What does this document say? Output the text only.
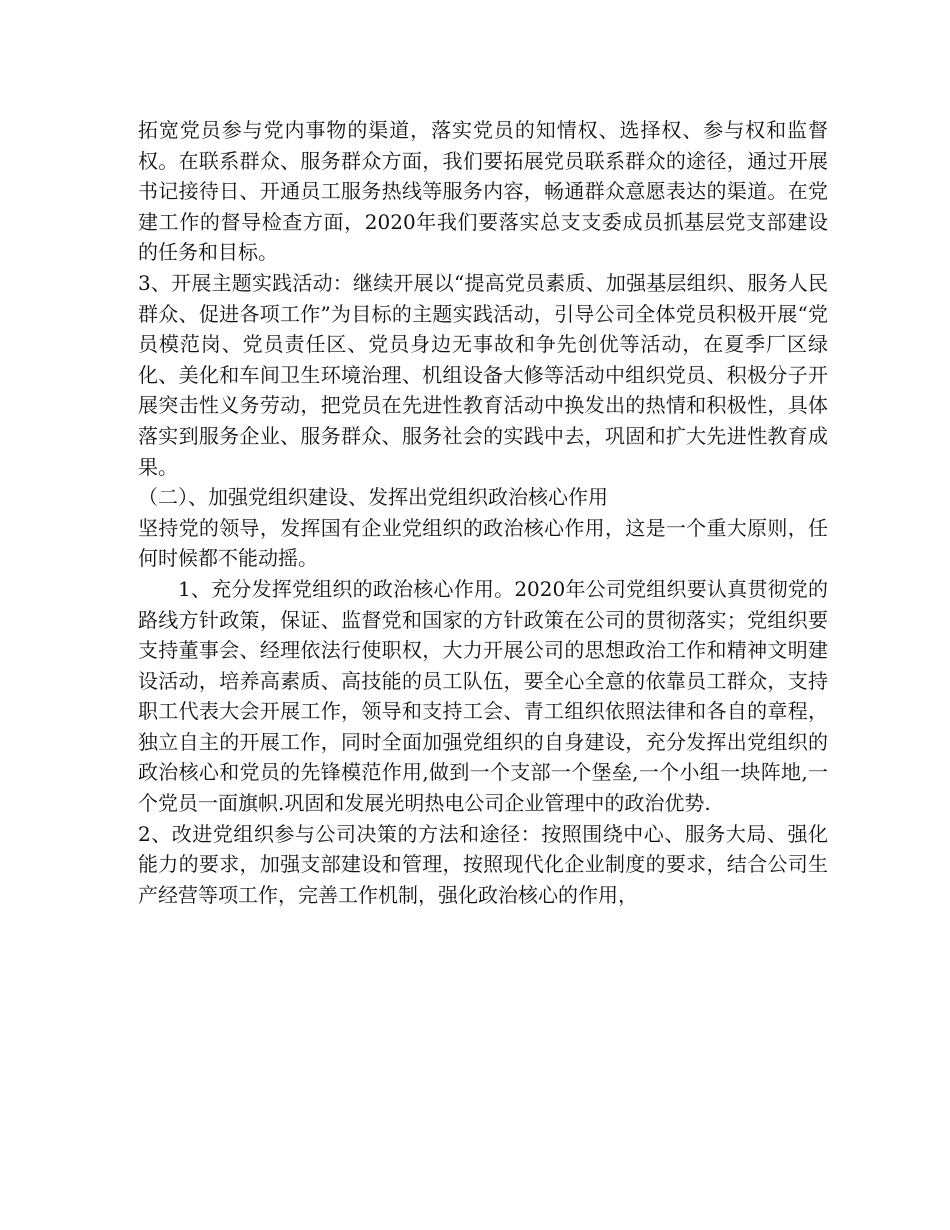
拓宽党员参与党内事物的渠道，落实党员的知情权、选择权、参与权和监督权。在联系群众、服务群众方面，我们要拓展党员联系群众的途径，通过开展书记接待日、开通员工服务热线等服务内容，畅通群众意愿表达的渠道。在党建工作的督导检查方面，2020年我们要落实总支支委成员抓基层党支部建设的任务和目标。

3、开展主题实践活动：继续开展以“提高党员素质、加强基层组织、服务人民群众、促进各项工作”为目标的主题实践活动，引导公司全体党员积极开展“党员模范岗、党员责任区、党员身边无事故和争先创优等活动，在夏季厂区绿化、美化和车间卫生环境治理、机组设备大修等活动中组织党员、积极分子开展突击性义务劳动，把党员在先进性教育活动中换发出的热情和积极性，具体落实到服务企业、服务群众、服务社会的实践中去，巩固和扩大先进性教育成果。

（二）、加强党组织建设、发挥出党组织政治核心作用

坚持党的领导，发挥国有企业党组织的政治核心作用，这是一个重大原则，任何时候都不能动摇。

1、充分发挥党组织的政治核心作用。2020年公司党组织要认真贯彻党的路线方针政策，保证、监督党和国家的方针政策在公司的贯彻落实；党组织要支持董事会、经理依法行使职权，大力开展公司的思想政治工作和精神文明建设活动，培养高素质、高技能的员工队伍，要全心全意的依靠员工群众，支持职工代表大会开展工作，领导和支持工会、青工组织依照法律和各自的章程，独立自主的开展工作，同时全面加强党组织的自身建设，充分发挥出党组织的政治核心和党员的先锋模范作用,做到一个支部一个堡垒,一个小组一块阵地,一个党员一面旗帜.巩固和发展光明热电公司企业管理中的政治优势.

2、改进党组织参与公司决策的方法和途径：按照围绕中心、服务大局、强化能力的要求，加强支部建设和管理，按照现代化企业制度的要求，结合公司生产经营等项工作，完善工作机制，强化政治核心的作用，
